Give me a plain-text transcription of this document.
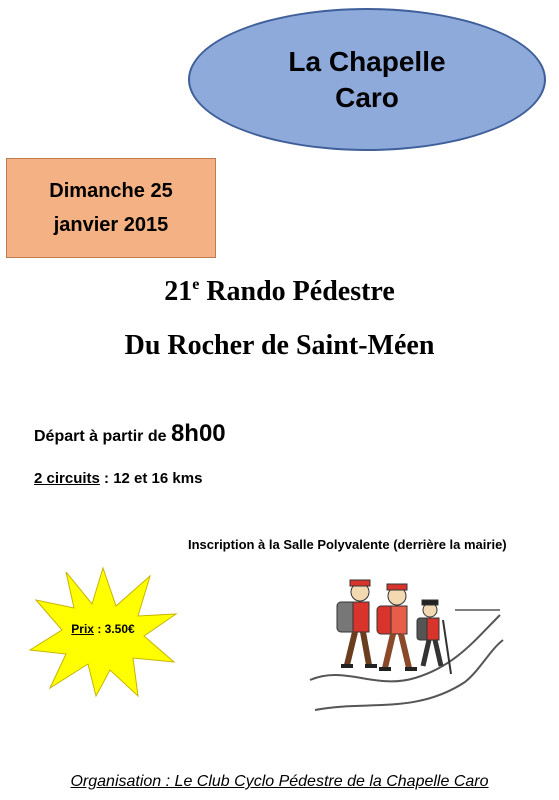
La Chapelle
Caro
Dimanche 25
janvier 2015
21e Rando Pédestre
Du Rocher de Saint-Méen
Départ à partir de 8h00
2 circuits : 12 et 16 kms
Inscription à la Salle Polyvalente (derrière la mairie)
Prix : 3.50€
Organisation : Le Club Cyclo Pédestre de la Chapelle Caro
